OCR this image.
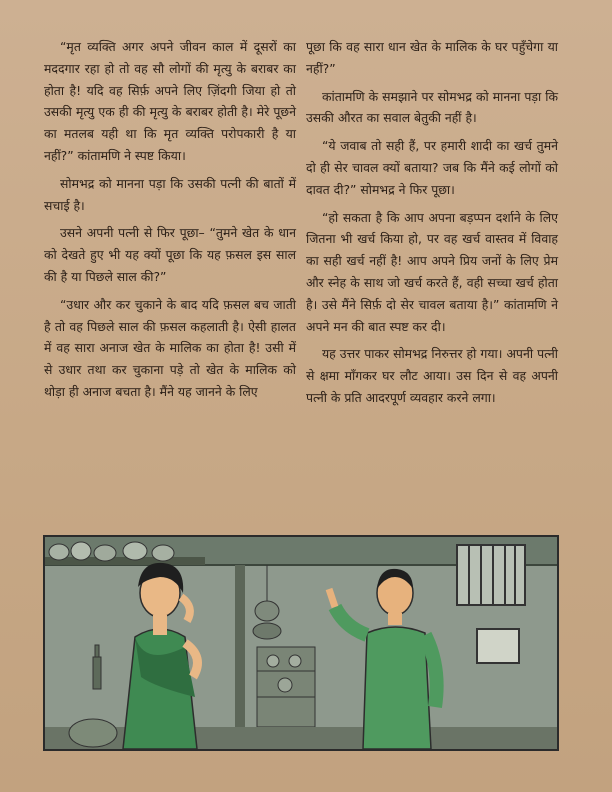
“मृत व्यक्ति अगर अपने जीवन काल में दूसरों का मददगार रहा हो तो वह सौ लोगों की मृत्यु के बराबर का होता है! यदि वह सिर्फ़ अपने लिए ज़िंदगी जिया हो तो उसकी मृत्यु एक ही की मृत्यु के बराबर होती है। मेरे पूछने का मतलब यही था कि मृत व्यक्ति परोपकारी है या नहीं?” कांतामणि ने स्पष्ट किया।

सोमभद्र को मानना पड़ा कि उसकी पत्नी की बातों में सचाई है।

उसने अपनी पत्नी से फिर पूछा– “तुमने खेत के धान को देखते हुए भी यह क्यों पूछा कि यह फ़सल इस साल की है या पिछले साल की?”

“उधार और कर चुकाने के बाद यदि फ़सल बच जाती है तो वह पिछले साल की फ़सल कहलाती है। ऐसी हालत में वह सारा अनाज खेत के मालिक का होता है! उसी में से उधार तथा कर चुकाना पड़े तो खेत के मालिक को थोड़ा ही अनाज बचता है। मैंने यह जानने के लिए

पूछा कि वह सारा धान खेत के मालिक के घर पहुँचेगा या नहीं?”

कांतामणि के समझाने पर सोमभद्र को मानना पड़ा कि उसकी औरत का सवाल बेतुकी नहीं है।

“ये जवाब तो सही हैं, पर हमारी शादी का खर्च तुमने दो ही सेर चावल क्यों बताया? जब कि मैंने कई लोगों को दावत दी?” सोमभद्र ने फिर पूछा।

“हो सकता है कि आप अपना बड़प्पन दर्शाने के लिए जितना भी खर्च किया हो, पर वह खर्च वास्तव में विवाह का सही खर्च नहीं है! आप अपने प्रिय जनों के लिए प्रेम और स्नेह के साथ जो खर्च करते हैं, वही सच्चा खर्च होता है। उसे मैंने सिर्फ़ दो सेर चावल बताया है।” कांतामणि ने अपने मन की बात स्पष्ट कर दी।

यह उत्तर पाकर सोमभद्र निरुत्तर हो गया। अपनी पत्नी से क्षमा माँगकर घर लौट आया। उस दिन से वह अपनी पत्नी के प्रति आदरपूर्ण व्यवहार करने लगा।
